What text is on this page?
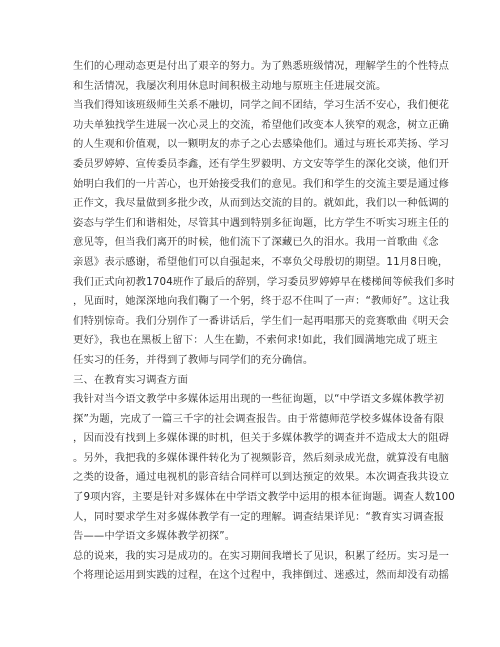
生们的心理动态更是付出了艰辛的努力。为了熟悉班级情况，理解学生的个性特点
和生活情况，我屡次利用休息时间积极主动地与原班主任进展交流。
当我们得知该班级师生关系不融切，同学之间不团结，学习生活不安心，我们便花
功夫单独找学生进展一次心灵上的交流，希望他们改变本人狭窄的观念，树立正确
的人生观和价值观，以一颗明友的赤子之心去感染他们。通过与班长邓芙扬、学习
委员罗婷婷、宣传委员李鑫，还有学生罗毅明、方文安等学生的深化交谈，他们开
始明白我们的一片苦心，也开始接受我们的意见。我们和学生的交流主要是通过修
正作文，我尽量做到多批少改，从而到达交流的目的。就如此，我们以一种低调的
姿态与学生们和谐相处，尽管其中遇到特别多征询题，比方学生不听实习班主任的
意见等，但当我们离开的时候，他们流下了深藏已久的泪水。我用一首歌曲《念
亲恩》表示感谢，希望他们可以自强起来，不辜负父母殷切的期望。11月8日晚，
我们正式向初教1704班作了最后的辞别，学习委员罗婷婷早在楼梯间等候我们多时
，见面时，她深深地向我们鞠了一个躬，终于忍不住叫了一声：“教师好”。这让我
们特别惊奇。我们分别作了一番讲话后，学生们一起再唱那天的竞赛歌曲《明天会
更好》，我也在黑板上留下：人生在勤，不索何求!如此，我们圆满地完成了班主
任实习的任务，并得到了教师与同学们的充分确信。
三、在教育实习调查方面
我针对当今语文教学中多媒体运用出现的一些征询题，以“中学语文多媒体教学初
探”为题，完成了一篇三千字的社会调查报告。由于常德师范学校多媒体设备有限
，因而没有找到上多媒体课的时机，但关于多媒体教学的调查并不造成太大的阻碍
。另外，我把我的多媒体课件转化为了视频影音，然后刻录成光盘，就算没有电脑
之类的设备，通过电视机的影音结合同样可以到达预定的效果。本次调查我共设立
了9项内容，主要是针对多媒体在中学语文教学中运用的根本征询题。调查人数100
人，同时要求学生对多媒体教学有一定的理解。调查结果详见：“教育实习调查报
告——中学语文多媒体教学初探”。
总的说来，我的实习是成功的。在实习期间我增长了见识，积累了经历。实习是一
个将理论运用到实践的过程，在这个过程中，我摔倒过、迷惑过，然而却没有动摇
